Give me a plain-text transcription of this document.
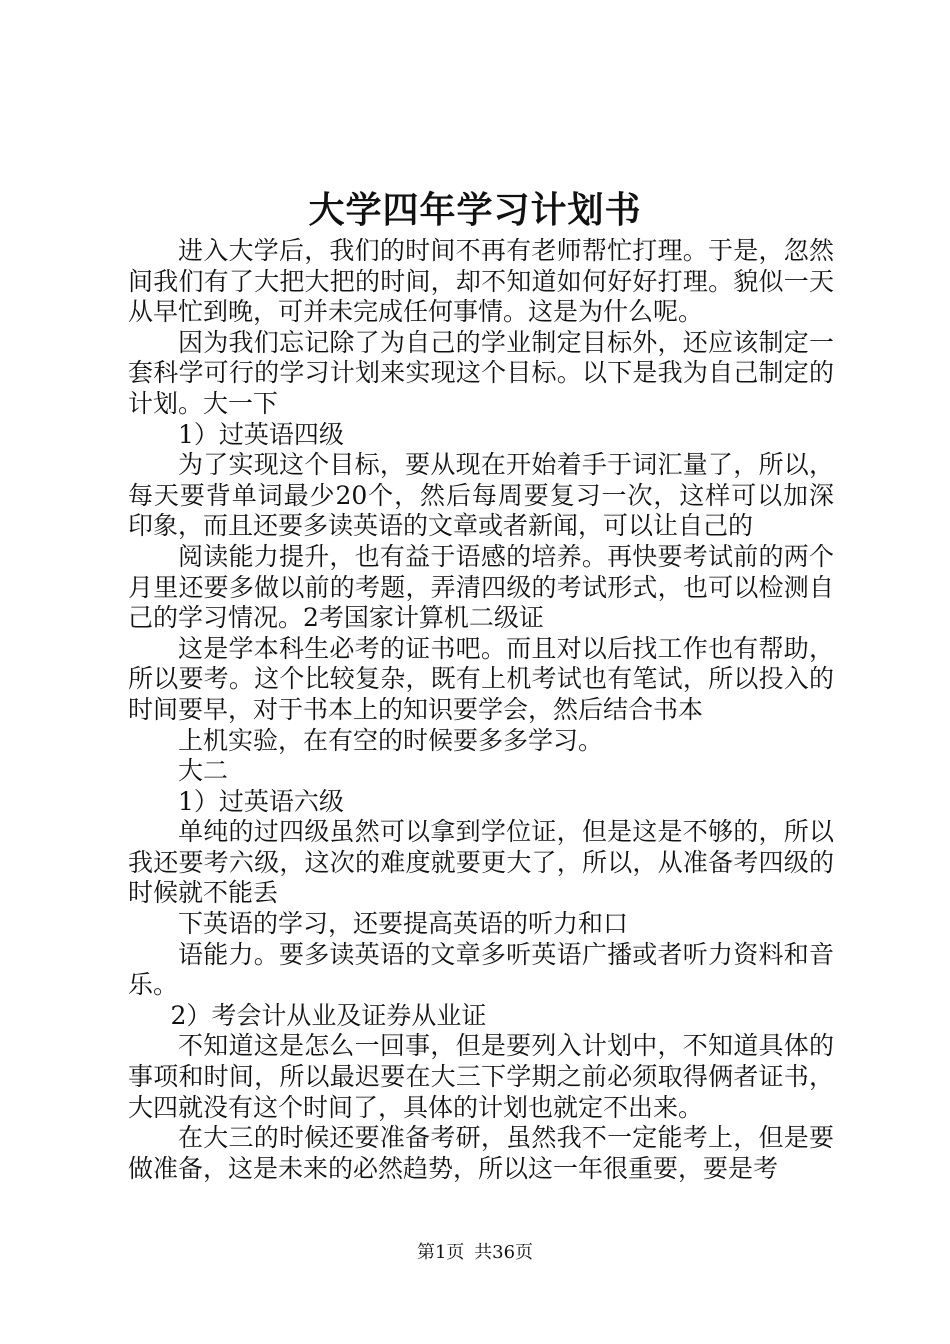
大学四年学习计划书

进入大学后，我们的时间不再有老师帮忙打理。于是，忽然间我们有了大把大把的时间，却不知道如何好好打理。貌似一天从早忙到晚，可并未完成任何事情。这是为什么呢。

因为我们忘记除了为自己的学业制定目标外，还应该制定一套科学可行的学习计划来实现这个目标。以下是我为自己制定的计划。大一下

1）过英语四级

为了实现这个目标，要从现在开始着手于词汇量了，所以，每天要背单词最少20个，然后每周要复习一次，这样可以加深印象，而且还要多读英语的文章或者新闻，可以让自己的

阅读能力提升，也有益于语感的培养。再快要考试前的两个月里还要多做以前的考题，弄清四级的考试形式，也可以检测自己的学习情况。2考国家计算机二级证

这是学本科生必考的证书吧。而且对以后找工作也有帮助，所以要考。这个比较复杂，既有上机考试也有笔试，所以投入的时间要早，对于书本上的知识要学会，然后结合书本

上机实验，在有空的时候要多多学习。

大二

1）过英语六级

单纯的过四级虽然可以拿到学位证，但是这是不够的，所以我还要考六级，这次的难度就要更大了，所以，从准备考四级的时候就不能丢

下英语的学习，还要提高英语的听力和口

语能力。要多读英语的文章多听英语广播或者听力资料和音乐。

2）考会计从业及证券从业证

不知道这是怎么一回事，但是要列入计划中，不知道具体的事项和时间，所以最迟要在大三下学期之前必须取得俩者证书，大四就没有这个时间了，具体的计划也就定不出来。

在大三的时候还要准备考研，虽然我不一定能考上，但是要做准备，这是未来的必然趋势，所以这一年很重要，要是考

第1页 共36页
